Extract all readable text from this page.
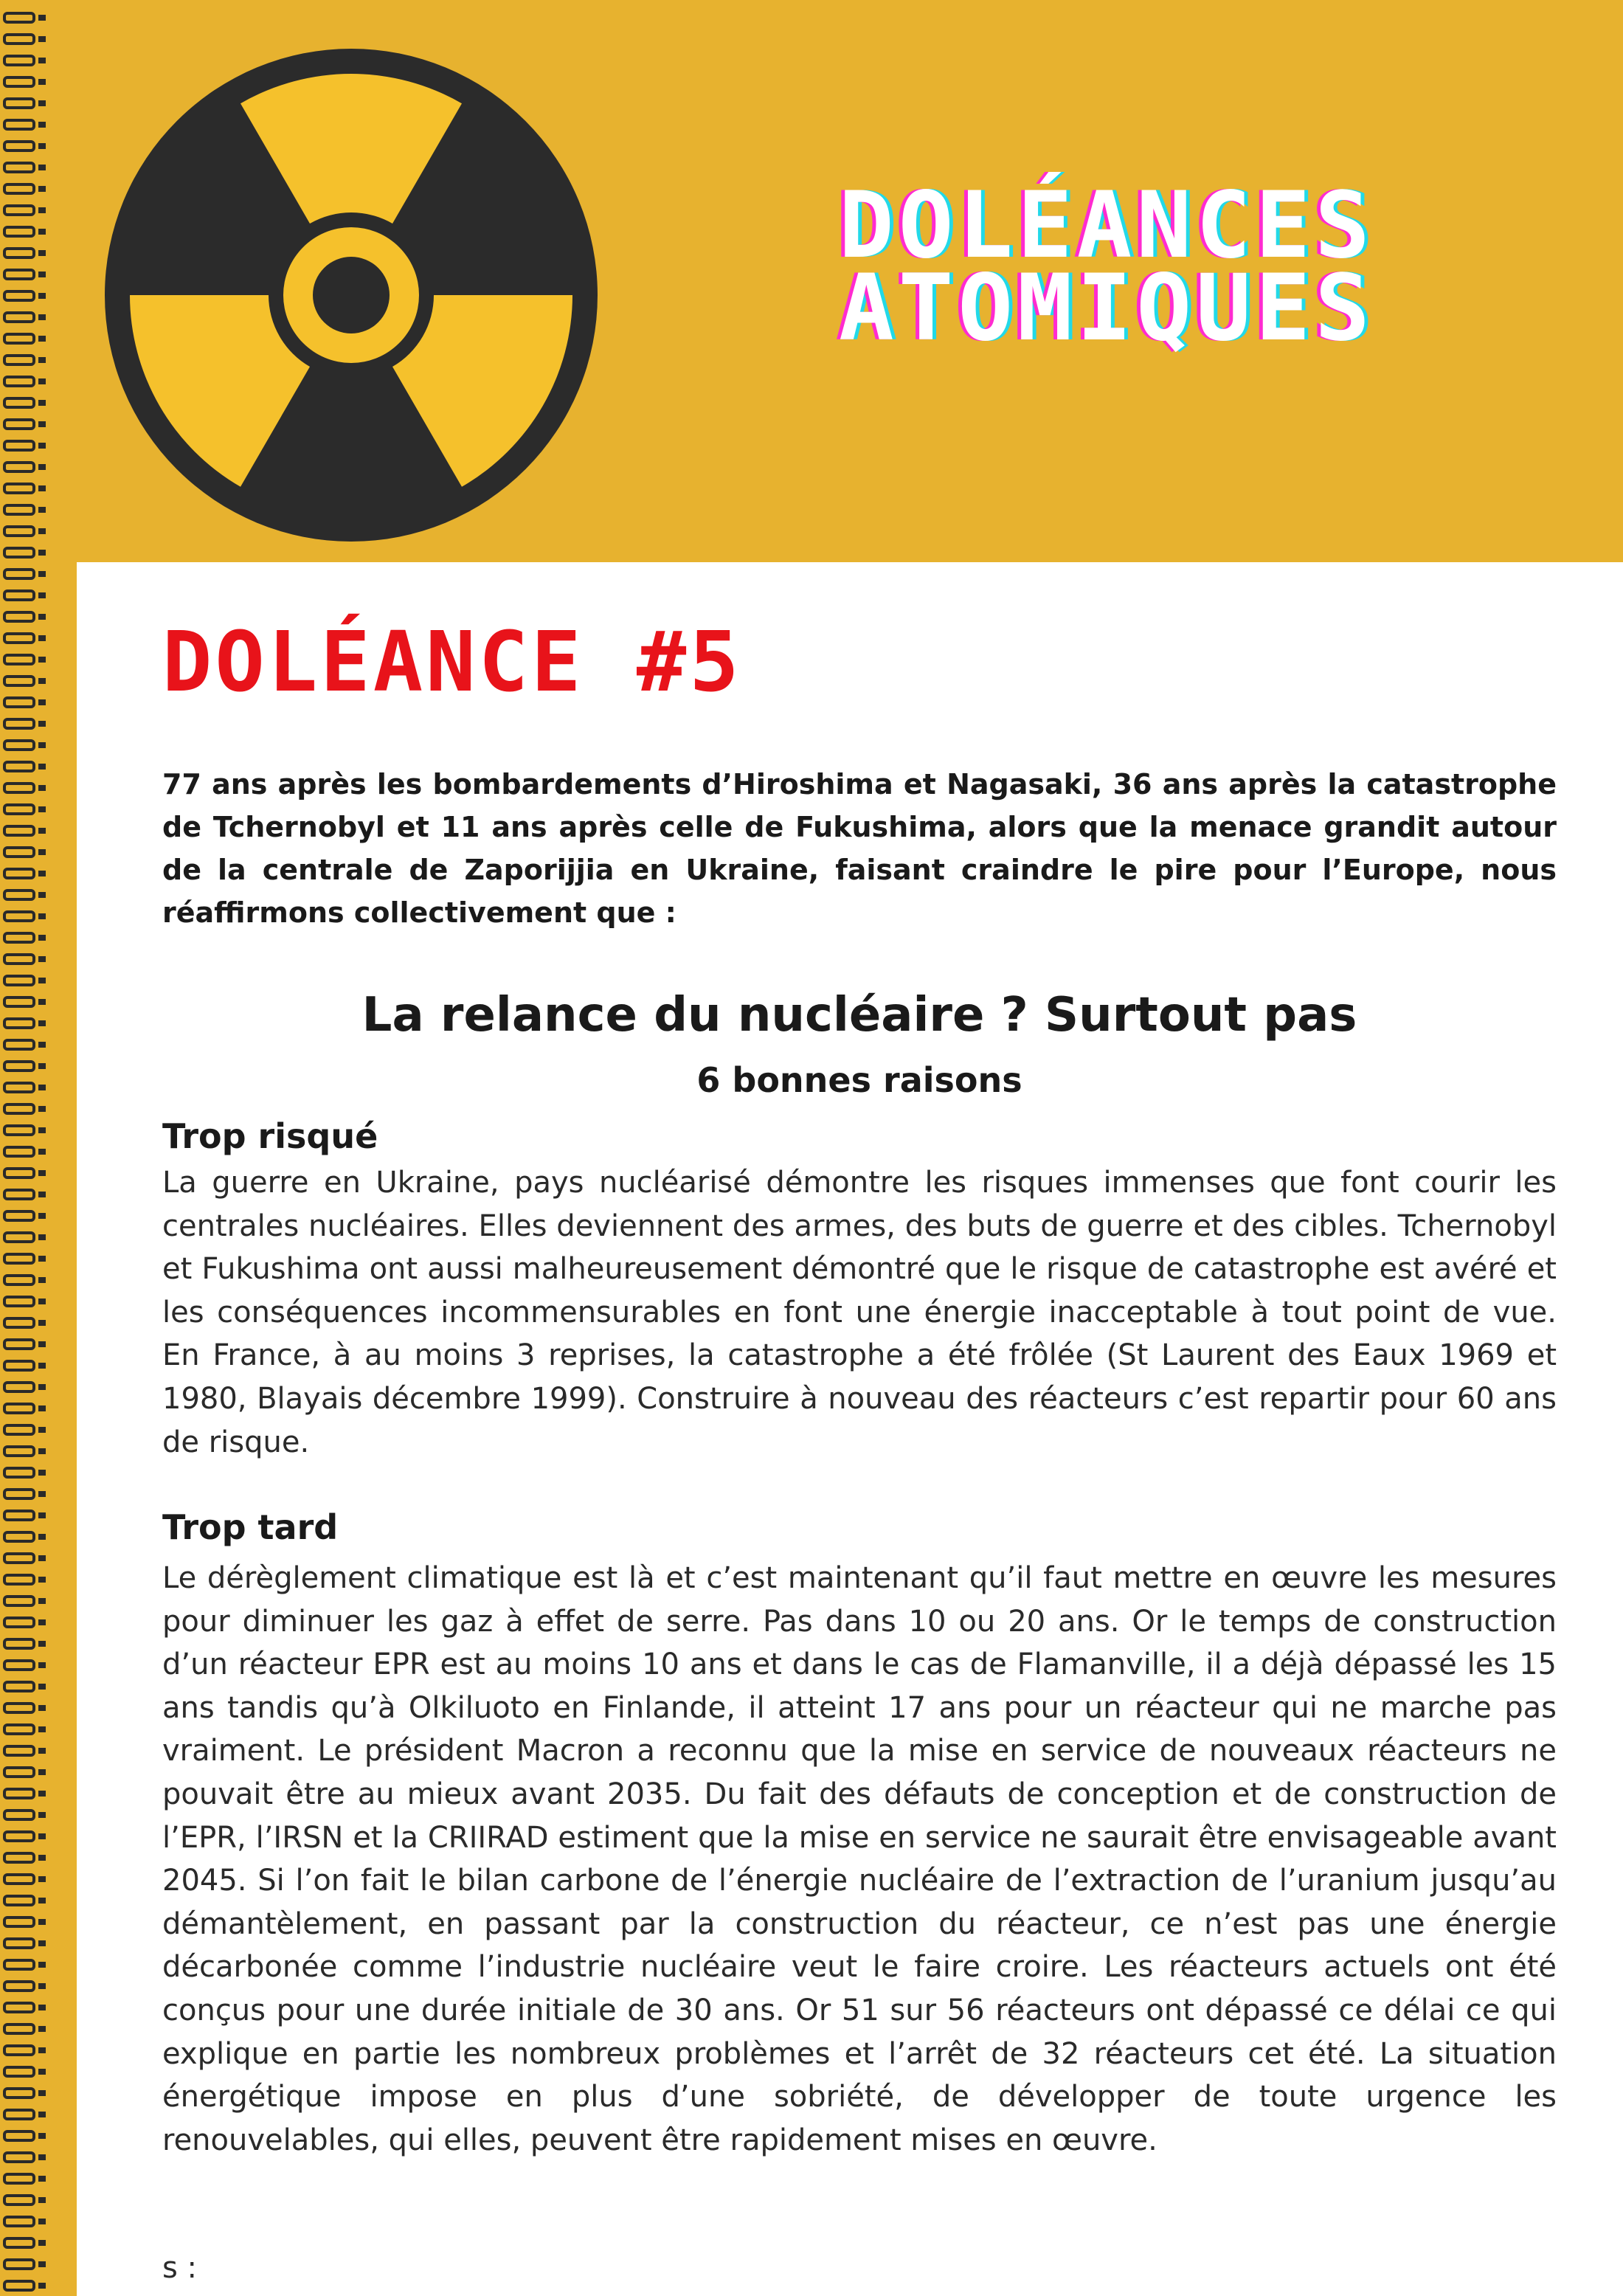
DOLÉANCES
ATOMIQUES
DOLÉANCE #5
77 ans après les bombardements d’Hiroshima et Nagasaki, 36 ans après la catastrophe de Tchernobyl et 11 ans après celle de Fukushima, alors que la menace grandit autour de la centrale de Zaporijjia en Ukraine, faisant craindre le pire pour l’Europe, nous réaffirmons collectivement que :
La relance du nucléaire ? Surtout pas
6 bonnes raisons
Trop risqué
La guerre en Ukraine, pays nucléarisé démontre les risques immenses que font courir les centrales nucléaires. Elles deviennent des armes, des buts de guerre et des cibles. Tchernobyl et Fukushima ont aussi malheureusement démontré que le risque de catastrophe est avéré et les conséquences incommensurables en font une énergie inacceptable à tout point de vue. En France, à au moins 3 reprises, la catastrophe a été frôlée (St Laurent des Eaux 1969 et 1980, Blayais décembre 1999). Construire à nouveau des réacteurs c’est repartir pour 60 ans de risque.
Trop tard
Le dérèglement climatique est là et c’est maintenant qu’il faut mettre en œuvre les mesures pour diminuer les gaz à effet de serre. Pas dans 10 ou 20 ans. Or le temps de construction d’un réacteur EPR est au moins 10 ans et dans le cas de Flamanville, il a déjà dépassé les 15 ans tandis qu’à Olkiluoto en Finlande, il atteint 17 ans pour un réacteur qui ne marche pas vraiment. Le président Macron a reconnu que la mise en service de nouveaux réacteurs ne pouvait être au mieux avant 2035. Du fait des défauts de conception et de construction de l’EPR, l’IRSN et la CRIIRAD estiment que la mise en service ne saurait être envisageable avant 2045. Si l’on fait le bilan carbone de l’énergie nucléaire de l’extraction de l’uranium jusqu’au démantèlement, en passant par la construction du réacteur, ce n’est pas une énergie décarbonée comme l’industrie nucléaire veut le faire croire. Les réacteurs actuels ont été conçus pour une durée initiale de 30 ans. Or 51 sur 56 réacteurs ont dépassé ce délai ce qui explique en partie les nombreux problèmes et l’arrêt de 32 réacteurs cet été. La situation énergétique impose en plus d’une sobriété, de développer de toute urgence les renouvelables, qui elles, peuvent être rapidement mises en œuvre.
s :
